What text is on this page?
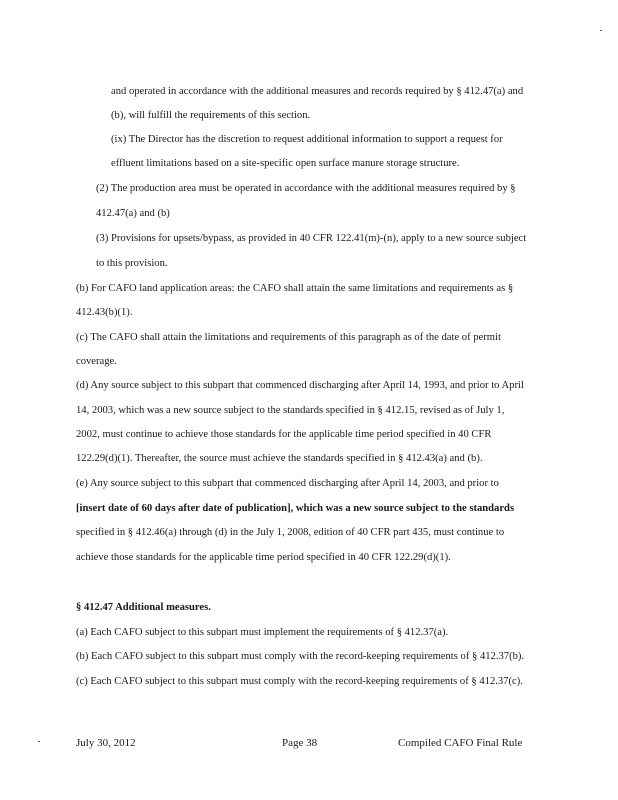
and operated in accordance with the additional measures and records required by § 412.47(a) and
(b), will fulfill the requirements of this section.
(ix) The Director has the discretion to request additional information to support a request for
effluent limitations based on a site-specific open surface manure storage structure.
(2) The production area must be operated in accordance with the additional measures required by §
412.47(a) and (b)
(3) Provisions for upsets/bypass, as provided in 40 CFR 122.41(m)-(n), apply to a new source subject
to this provision.
(b) For CAFO land application areas: the CAFO shall attain the same limitations and requirements as §
412.43(b)(1).
(c) The CAFO shall attain the limitations and requirements of this paragraph as of the date of permit
coverage.
(d) Any source subject to this subpart that commenced discharging after April 14, 1993, and prior to April
14, 2003, which was a new source subject to the standards specified in § 412.15, revised as of July 1,
2002, must continue to achieve those standards for the applicable time period specified in 40 CFR
122.29(d)(1). Thereafter, the source must achieve the standards specified in § 412.43(a) and (b).
(e) Any source subject to this subpart that commenced discharging after April 14, 2003, and prior to
[insert date of 60 days after date of publication], which was a new source subject to the standards
specified in § 412.46(a) through (d) in the July 1, 2008, edition of 40 CFR part 435, must continue to
achieve those standards for the applicable time period specified in 40 CFR 122.29(d)(1).
§ 412.47 Additional measures.
(a) Each CAFO subject to this subpart must implement the requirements of § 412.37(a).
(b) Each CAFO subject to this subpart must comply with the record-keeping requirements of § 412.37(b).
(c) Each CAFO subject to this subpart must comply with the record-keeping requirements of § 412.37(c).
July 30, 2012	Page 38	Compiled CAFO Final Rule
